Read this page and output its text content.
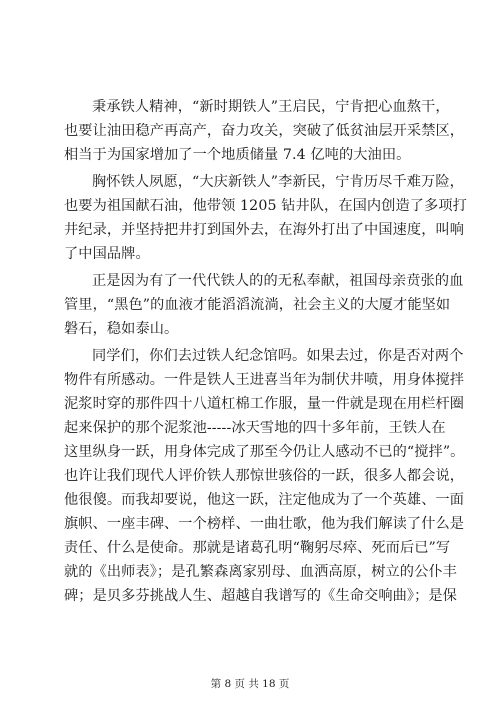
秉承铁人精神，“新时期铁人”王启民，宁肯把心血熬干，
也要让油田稳产再高产，奋力攻关，突破了低贫油层开采禁区，
相当于为国家增加了一个地质储量 7.4 亿吨的大油田。
胸怀铁人夙愿，“大庆新铁人”李新民，宁肯历尽千难万险，
也要为祖国献石油，他带领 1205 钻井队，在国内创造了多项打
井纪录，并坚持把井打到国外去，在海外打出了中国速度，叫响
了中国品牌。
正是因为有了一代代铁人的的无私奉献，祖国母亲贲张的血
管里，“黑色”的血液才能滔滔流淌，社会主义的大厦才能坚如
磐石，稳如泰山。
同学们，你们去过铁人纪念馆吗。如果去过，你是否对两个
物件有所感动。一件是铁人王进喜当年为制伏井喷，用身体搅拌
泥浆时穿的那件四十八道杠棉工作服，量一件就是现在用栏杆圈
起来保护的那个泥浆池-----冰天雪地的四十多年前，王铁人在
这里纵身一跃，用身体完成了那至今仍让人感动不已的“搅拌”。
也许让我们现代人评价铁人那惊世骇俗的一跃，很多人都会说，
他很傻。而我却要说，他这一跃，注定他成为了一个英雄、一面
旗帜、一座丰碑、一个榜样、一曲壮歌，他为我们解读了什么是
责任、什么是使命。那就是诸葛孔明“鞠躬尽瘁、死而后已”写
就的《出师表》；是孔繁森离家别母、血洒高原，树立的公仆丰
碑；是贝多芬挑战人生、超越自我谱写的《生命交响曲》；是保
第 8 页 共 18 页
